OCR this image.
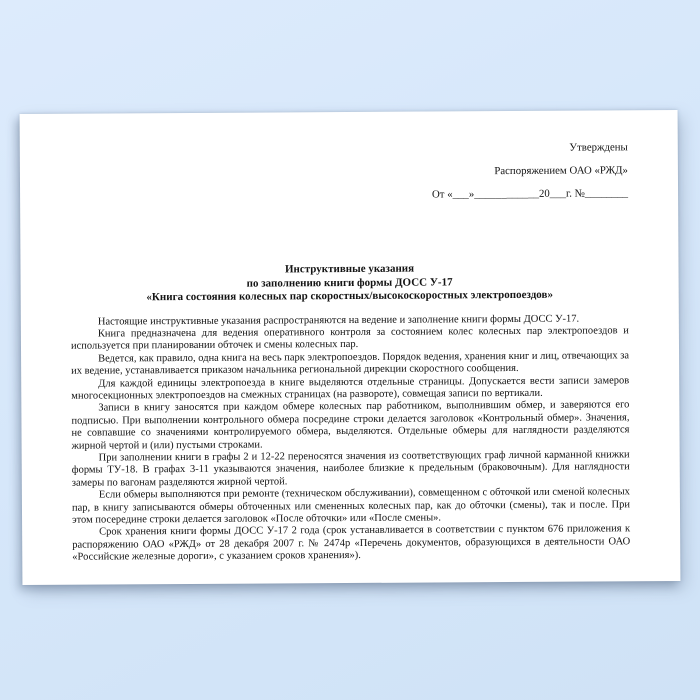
Утверждены

Распоряжением ОАО «РЖД»

От «___»____________20___г. №________

Инструктивные указания

по заполнению книги формы ДОСС У-17

«Книга состояния колесных пар скоростных/высокоскоростных электропоездов»

Настоящие инструктивные указания распространяются на ведение и заполнение книги формы ДОСС У-17.

Книга предназначена для ведения оперативного контроля за состоянием колес колесных пар электропоездов и используется при планировании обточек и смены колесных пар.

Ведется, как правило, одна книга на весь парк электропоездов. Порядок ведения, хранения книг и лиц, отвечающих за их ведение, устанавливается приказом начальника региональной дирекции скоростного сообщения.

Для каждой единицы электропоезда в книге выделяются отдельные страницы. Допускается вести записи замеров многосекционных электропоездов на смежных страницах (на развороте), совмещая записи по вертикали.

Записи в книгу заносятся при каждом обмере колесных пар работником, выполнившим обмер, и заверяются его подписью. При выполнении контрольного обмера посредине строки делается заголовок «Контрольный обмер». Значения, не совпавшие со значениями контролируемого обмера, выделяются. Отдельные обмеры для наглядности разделяются жирной чертой и (или) пустыми строками.

При заполнении книги в графы 2 и 12-22 переносятся значения из соответствующих граф личной карманной книжки формы ТУ-18. В графах 3-11 указываются значения, наиболее близкие к предельным (браковочным). Для наглядности замеры по вагонам разделяются жирной чертой.

Если обмеры выполняются при ремонте (техническом обслуживании), совмещенном с обточкой или сменой колесных пар, в книгу записываются обмеры обточенных или смененных колесных пар, как до обточки (смены), так и после. При этом посередине строки делается заголовок «После обточки» или «После смены».

Срок хранения книги формы ДОСС У-17 2 года (срок устанавливается в соответствии с пунктом 676 приложения к распоряжению ОАО «РЖД» от 28 декабря 2007 г. № 2474р «Перечень документов, образующихся в деятельности ОАО «Российские железные дороги», с указанием сроков хранения»).
